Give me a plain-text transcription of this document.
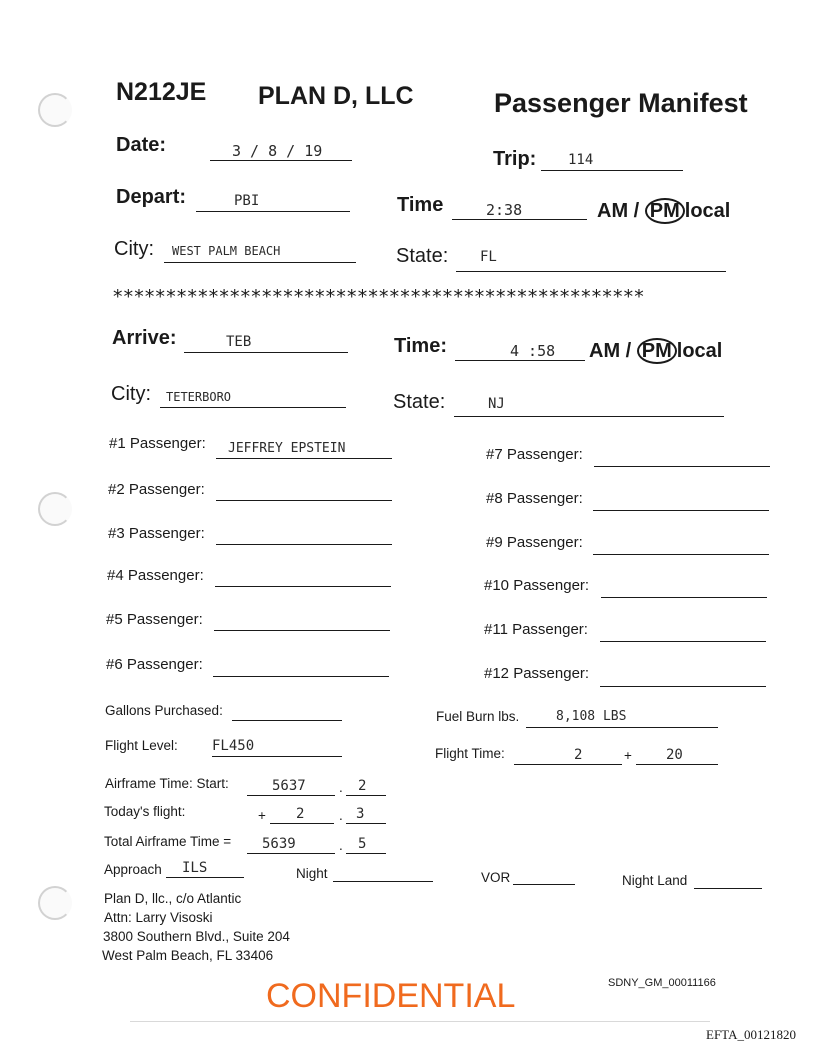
N212JE PLAN D, LLC	Passenger Manifest
Date:	3 / 8 / 19	Trip: 114
Depart:	PBI	Time	2:38	AM / PM local
City: WEST PALM BEACH	State: FL
**************************************************
Arrive:	TEB	Time:	4 :58 AM / PM local
City: TETERBORO	State:	NJ
#1 Passenger: JEFFREY EPSTEIN
#2 Passenger:
#3 Passenger:
#4 Passenger:
#5 Passenger:
#6 Passenger:
#7 Passenger:
#8 Passenger:
#9 Passenger:
#10 Passenger:
#11 Passenger:
#12 Passenger:
Gallons Purchased:	Fuel Burn lbs.	8,108 LBS
Flight Level: FL450	Flight Time:	2	+ 20
Airframe Time: Start:	5637 . 2
Today's flight:	+ 2	. 3
Total Airframe Time = 5639	. 5
Approach ILS	Night	VOR	Night Land
Plan D, llc., c/o Atlantic
Attn: Larry Visoski
3800 Southern Blvd., Suite 204
West Palm Beach, FL 33406
SDNY_GM_00011166
CONFIDENTIAL
EFTA_00121820
